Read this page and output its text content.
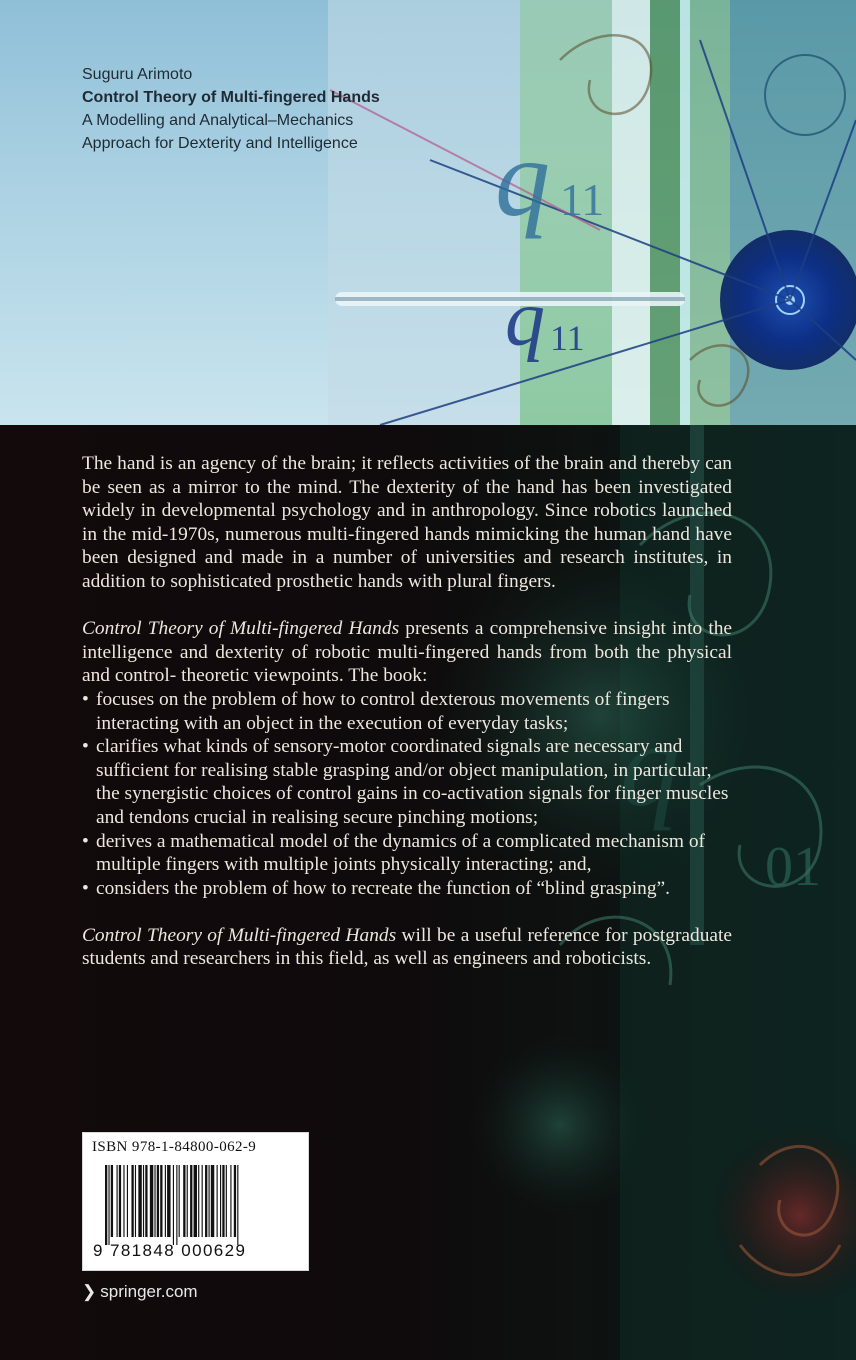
q 11
q 11
Suguru Arimoto
Control Theory of Multi-fingered Hands
A Modelling and Analytical–Mechanics
Approach for Dexterity and Intelligence
01
q

The hand is an agency of the brain; it reflects activities of the brain and thereby can be seen as a mirror to the mind. The dexterity of the hand has been investigated widely in developmental psychology and in anthropology. Since robotics launched in the mid-1970s, numerous multi-fingered hands mimicking the human hand have been designed and made in a number of universities and research institutes, in addition to sophisticated prosthetic hands with plural fingers.

Control Theory of Multi-fingered Hands presents a comprehensive insight into the intelligence and dexterity of robotic multi-fingered hands from both the physical and control- theoretic viewpoints. The book:

• focuses on the problem of how to control dexterous movements of fingers interacting with an object in the execution of everyday tasks;
• clarifies what kinds of sensory-motor coordinated signals are necessary and sufficient for realising stable grasping and/or object manipulation, in particular, the synergistic choices of control gains in co-activation signals for finger muscles and tendons crucial in realising secure pinching motions;
• derives a mathematical model of the dynamics of a complicated mechanism of multiple fingers with multiple joints physically interacting; and,
• considers the problem of how to recreate the function of “blind grasping”.

Control Theory of Multi-fingered Hands will be a useful reference for postgraduate students and researchers in this field, as well as engineers and roboticists.

ISBN 978-1-84800-062-9
9 781848 000629
❯ springer.com
